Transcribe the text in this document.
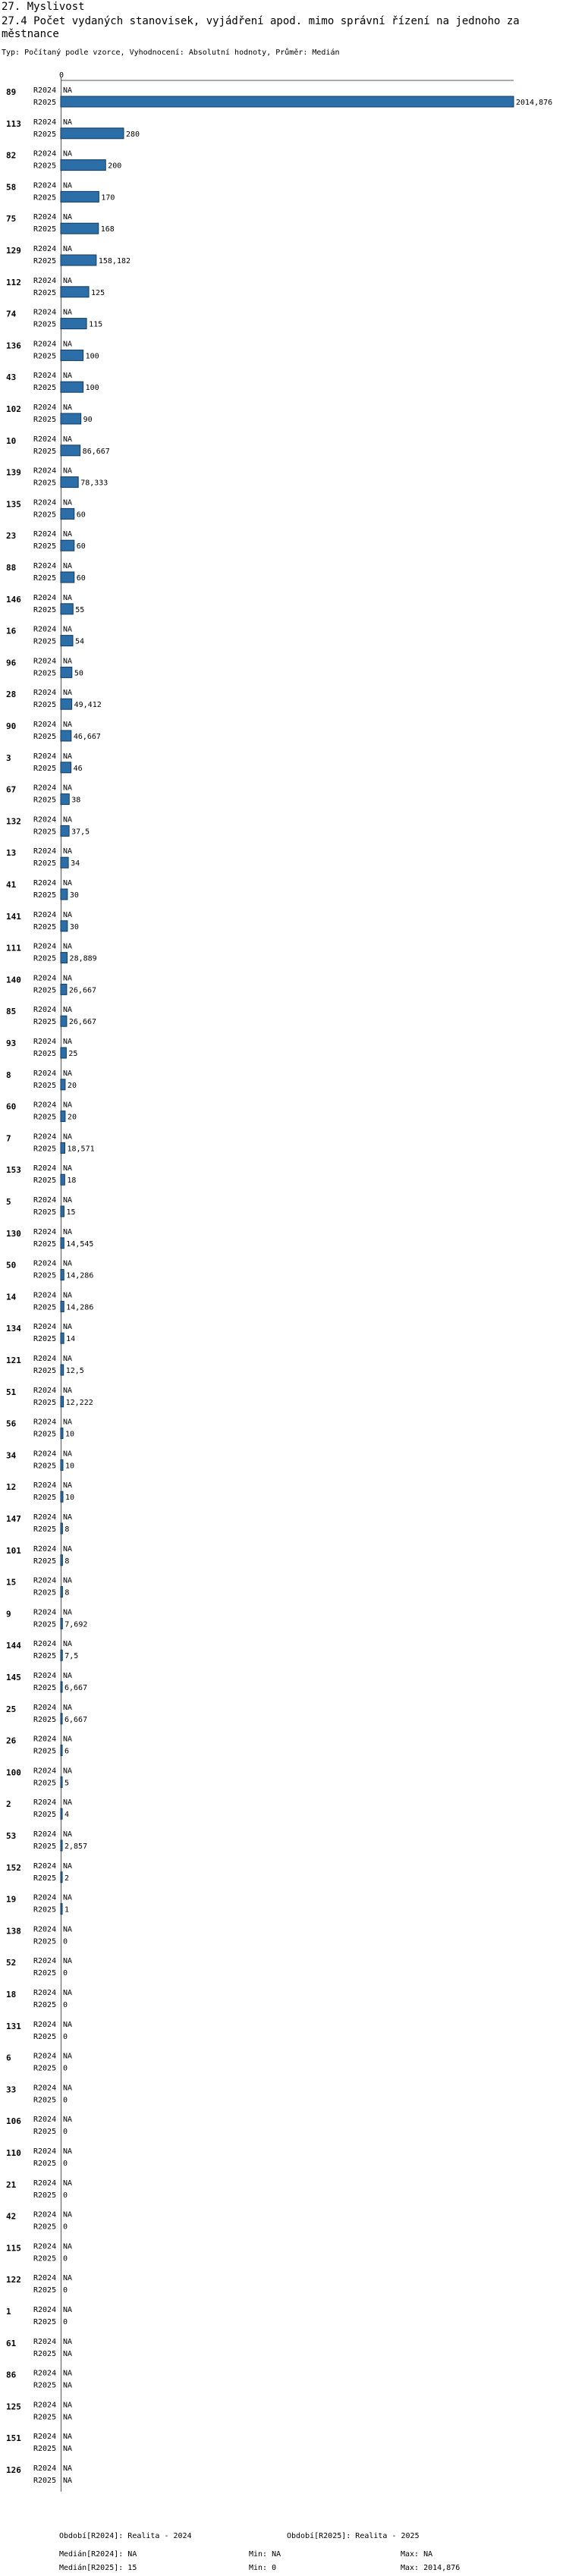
27. Myslivost
27.4 Počet vydaných stanovisek, vyjádření apod. mimo správní řízení na jednoho za městnance
Typ: Počítaný podle vzorce, Vyhodnocení: Absolutní hodnoty, Průměr: Medián
0
89 R2024
R2025
NA
2014,876
113 R2024
R2025
NA
280
82 R2024
R2025
NA
200
58 R2024
R2025
NA
170
75 R2024
R2025
NA
168
129 R2024
R2025
NA
158,182
112 R2024
R2025
NA
125
74 R2024
R2025
NA
115
136 R2024
R2025
NA
100
43 R2024
R2025
NA
100
102 R2024
R2025
NA
90
10 R2024
R2025
NA
86,667
139 R2024
R2025
NA
78,333
135 R2024
R2025
NA
60
23 R2024
R2025
NA
60
88 R2024
R2025
NA
60
146 R2024
R2025
NA
55
16 R2024
R2025
NA
54
96 R2024
R2025
NA
50
28 R2024
R2025
NA
49,412
90 R2024
R2025
NA
46,667
3	R2024
R2025
NA
46
67 R2024
R2025
NA
38
132 R2024
R2025
NA
37,5
13 R2024
R2025
NA
34
41 R2024
R2025
NA
30
141 R2024
R2025
NA
30
111 R2024
R2025
NA
28,889
140 R2024
R2025
NA
26,667
85 R2024
R2025
NA
26,667
93 R2024
R2025
NA
25
8	R2024
R2025
NA
20
60 R2024
R2025
NA
20
7	R2024
R2025
NA
18,571
153 R2024
R2025
NA
18
5	R2024
R2025
NA
15
130 R2024
R2025
NA
14,545
50 R2024
R2025
NA
14,286
14 R2024
R2025
NA
14,286
134 R2024
R2025
NA
14
121 R2024
R2025
NA
12,5
51 R2024
R2025
NA
12,222
56 R2024
R2025
NA
10
34 R2024
R2025
NA
10
12 R2024
R2025
NA
10
147 R2024
R2025
NA
8
101 R2024
R2025
NA
8
15 R2024
R2025
NA
8
9	R2024
R2025
NA
7,692
144 R2024
R2025
NA
7,5
145 R2024
R2025
NA
6,667
25 R2024
R2025
NA
6,667
26 R2024
R2025
NA
6
100 R2024
R2025
NA
5
2	R2024
R2025
NA
4
53 R2024
R2025
NA
2,857
152 R2024
R2025
NA
2
19 R2024
R2025
NA
1
138 R2024
R2025
NA
0
52 R2024
R2025
NA
0
18 R2024
R2025
NA
0
131 R2024
R2025
NA
0
6	R2024
R2025
NA
0
33 R2024
R2025
NA
0
106 R2024
R2025
NA
0
110 R2024
R2025
NA
0
21 R2024
R2025
NA
0
42 R2024
R2025
NA
0
115 R2024
R2025
NA
0
122 R2024
R2025
NA
0
1	R2024
R2025
NA
0
61 R2024
R2025
NA
NA
86 R2024
R2025
NA
NA
125 R2024
R2025
NA
NA
151 R2024
R2025
NA
NA
126 R2024
R2025
NA
NA
Období[R2024]: Realita - 2024	Období[R2025]: Realita - 2025
Medián[R2024]: NA	Min: NA	Max: NA
Medián[R2025]: 15	Min: 0	Max: 2014,876
